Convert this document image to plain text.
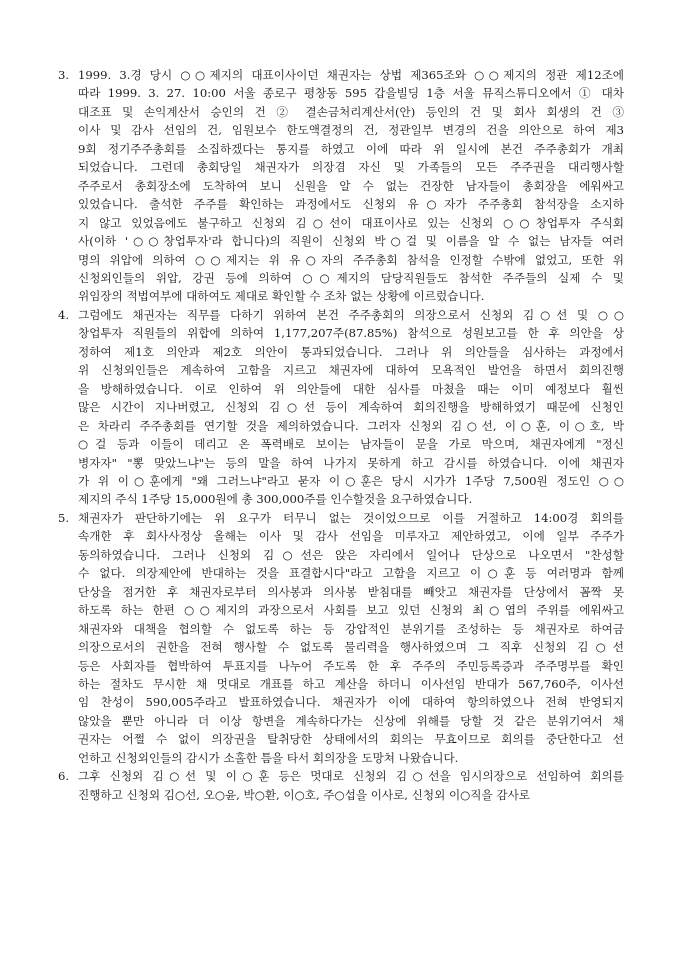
3. 1999. 3.경 당시 ○○제지의 대표이사이던 채권자는 상법 제365조와 ○○제지의 정관 제12조에
따라 1999. 3. 27. 10:00 서울 종로구 평창동 595 갑을빌딩 1층 서울 뮤직스튜디오에서 ① 대차
대조표 및 손익계산서 승인의 건 ② 결손금처리계산서(안) 등인의 건 및 회사 회생의 건 ③
이사 및 감사 선임의 건, 임원보수 한도액결정의 건, 정관일부 변경의 건을 의안으로 하여 제3
9회 정기주주총회를 소집하겠다는 통지를 하였고 이에 따라 위 일시에 본건 주주총회가 개최
되었습니다. 그런데 총회당일 채권자가 의장겸 자신 및 가족들의 모든 주주권을 대리행사할
주주로서 총회장소에 도착하여 보니 신원을 알 수 없는 건장한 남자들이 총회장을 에워싸고
있었습니다. 출석한 주주를 확인하는 과정에서도 신청외 유○자가 주주총회 참석장을 소지하
지 않고 있었음에도 불구하고 신청외 김○선이 대표이사로 있는 신청외 ○○창업투자 주식회
사(이하 '○○창업투자'라 합니다)의 직원이 신청외 박○걸 및 이름을 알 수 없는 남자들 여러
명의 위압에 의하여 ○○제지는 위 유○자의 주주총회 참석을 인정할 수밖에 없었고, 또한 위
신청외인들의 위압, 강권 등에 의하여 ○○제지의 담당직원들도 참석한 주주들의 실제 수 및
위임장의 적법여부에 대하여도 제대로 확인할 수 조차 없는 상황에 이르렀습니다.
4. 그럼에도 채권자는 직무를 다하기 위하여 본건 주주총회의 의장으로서 신청외 김○선 및 ○○
창업투자 직원들의 위합에 의하여 1,177,207주(87.85%) 참석으로 성원보고를 한 후 의안을 상
정하여 제1호 의안과 제2호 의안이 통과되었습니다. 그러나 위 의안들을 심사하는 과정에서
위 신청외인들은 계속하여 고함을 지르고 채권자에 대하여 모욕적인 발언을 하면서 회의진행
을 방해하였습니다. 이로 인하여 위 의안들에 대한 심사를 마쳤을 때는 이미 예정보다 훨씬
많은 시간이 지나버렸고, 신청외 김○선 등이 계속하여 회의진행을 방해하였기 때문에 신청인
은 차라리 주주총회를 연기할 것을 제의하였습니다. 그러자 신청외 김○선, 이○훈, 이○호, 박
○걸 등과 이들이 데리고 온 폭력배로 보이는 남자들이 문을 가로 막으며, 채권자에게 "정신
병자자" "뽕 맞았느냐"는 등의 말을 하여 나가지 못하게 하고 감시를 하였습니다. 이에 채권자
가 위 이○훈에게 "왜 그러느냐"라고 묻자 이○훈은 당시 시가가 1주당 7,500원 정도인 ○○
제지의 주식 1주당 15,000원에 총 300,000주를 인수할것을 요구하였습니다.
5. 채권자가 판단하기에는 위 요구가 터무니 없는 것이었으므로 이를 거절하고 14:00경 회의를
속개한 후 회사사정상 올해는 이사 및 감사 선임을 미루자고 제안하였고, 이에 일부 주주가
동의하였습니다. 그러나 신청외 김○선은 앉은 자리에서 일어나 단상으로 나오면서 "찬성할
수 없다. 의장제안에 반대하는 것을 표결합시다"라고 고함을 지르고 이○훈 등 여러명과 함께
단상을 점거한 후 채권자로부터 의사봉과 의사봉 받침대를 빼앗고 채권자를 단상에서 꼼짝 못
하도록 하는 한편 ○○제지의 과장으로서 사회를 보고 있던 신청외 최○엽의 주위를 에워싸고
채권자와 대책을 협의할 수 없도록 하는 등 강압적인 분위기를 조성하는 등 채권자로 하여금
의장으로서의 권한을 전혀 행사할 수 없도록 물리력을 행사하였으며 그 직후 신청외 김○선
등은 사회자를 협박하여 투표지를 나누어 주도록 한 후 주주의 주민등록증과 주주명부를 확인
하는 절차도 무시한 채 멋대로 개표를 하고 계산을 하더니 이사선임 반대가 567,760주, 이사선
임 찬성이 590,005주라고 발표하였습니다. 채권자가 이에 대하여 항의하였으나 전혀 반영되지
않았을 뿐만 아니라 더 이상 항변을 계속하다가는 신상에 위해를 당할 것 같은 분위기여서 채
권자는 어쩔 수 없이 의장권을 탈취당한 상태에서의 회의는 무효이므로 회의를 중단한다고 선
언하고 신청외인들의 감시가 소홀한 틈을 타서 회의장을 도망쳐 나왔습니다.
6. 그후 신청외 김○선 및 이○훈 등은 멋대로 신청외 김○선을 임시의장으로 선임하여 회의를
진행하고 신청외 김○선, 오○윤, 박○환, 이○호, 주○섭을 이사로, 신청외 이○직을 감사로
